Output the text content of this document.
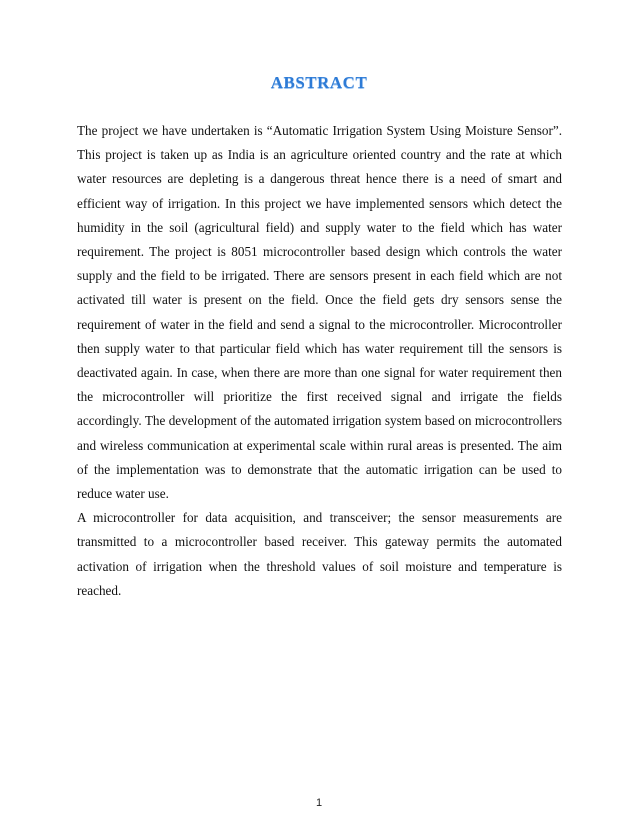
ABSTRACT

The project we have undertaken is “Automatic Irrigation System Using Moisture Sensor”. This project is taken up as India is an agriculture oriented country and the rate at which water resources are depleting is a dangerous threat hence there is a need of smart and efficient way of irrigation. In this project we have implemented sensors which detect the humidity in the soil (agricultural field) and supply water to the field which has water requirement. The project is 8051 microcontroller based design which controls the water supply and the field to be irrigated. There are sensors present in each field which are not activated till water is present on the field. Once the field gets dry sensors sense the requirement of water in the field and send a signal to the microcontroller. Microcontroller then supply water to that particular field which has water requirement till the sensors is deactivated again. In case, when there are more than one signal for water requirement then the microcontroller will prioritize the first received signal and irrigate the fields accordingly. The development of the automated irrigation system based on microcontrollers and wireless communication at experimental scale within rural areas is presented. The aim of the implementation was to demonstrate that the automatic irrigation can be used to reduce water use.

A microcontroller for data acquisition, and transceiver; the sensor measurements are transmitted to a microcontroller based receiver. This gateway permits the automated activation of irrigation when the threshold values of soil moisture and temperature is reached.

1
